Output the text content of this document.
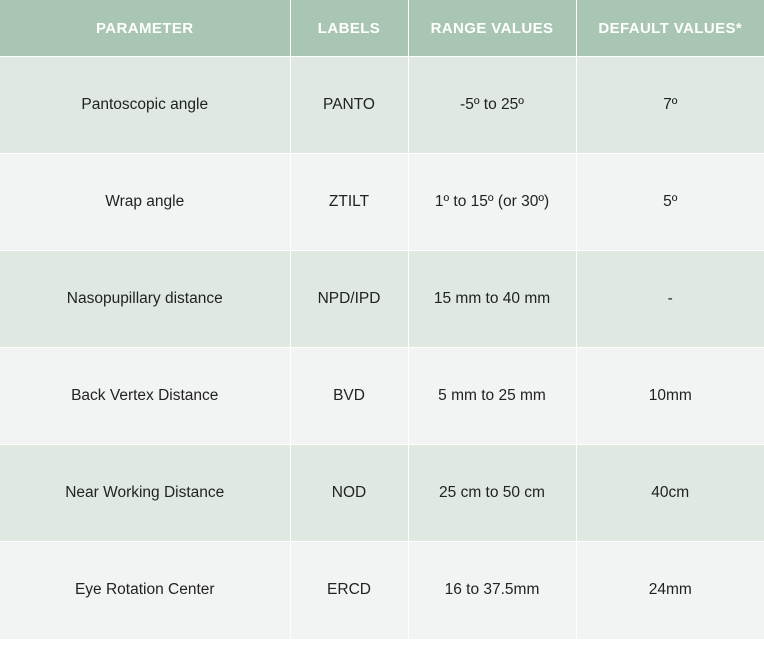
PARAMETER	LABELS	RANGE VALUES	DEFAULT VALUES*
Pantoscopic angle	PANTO	-5º to 25º	7º
Wrap angle	ZTILT	1º to 15º (or 30º)	5º
Nasopupillary distance	NPD/IPD	15 mm to 40 mm	-
Back Vertex Distance	BVD	5 mm to 25 mm	10mm
Near Working Distance	NOD	25 cm to 50 cm	40cm
Eye Rotation Center	ERCD	16 to 37.5mm	24mm
